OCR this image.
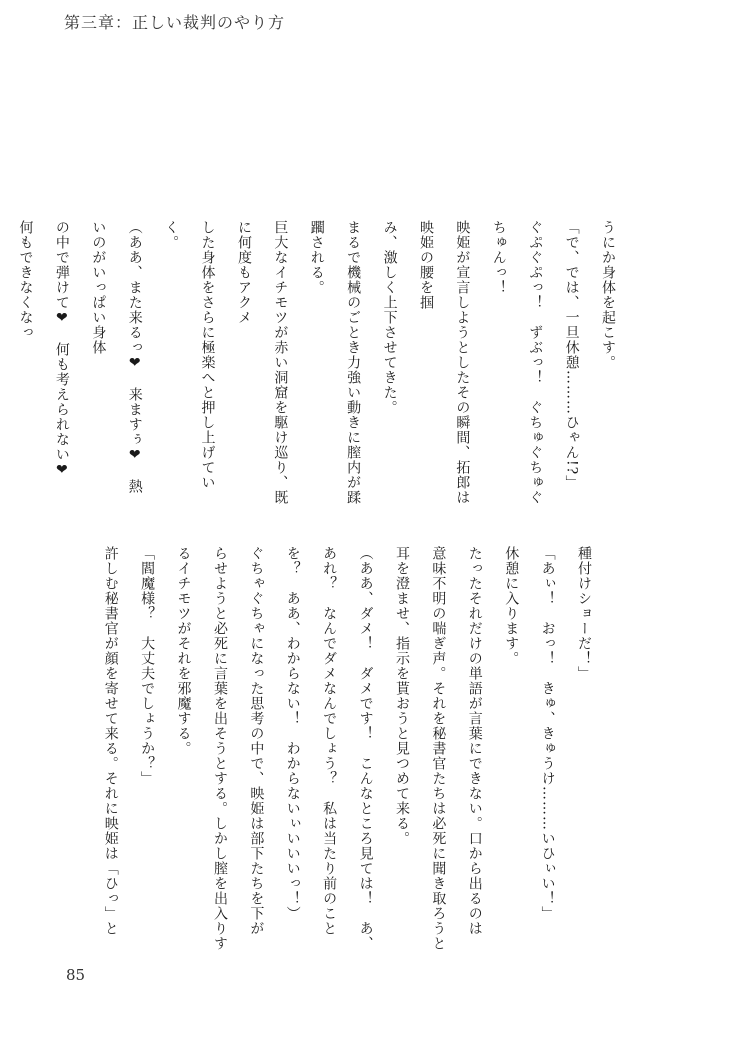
第三章：正しい裁判のやり方

うにか身体を起こす。

「で、では、一旦休憩………ひゃん!?」

ぐぷぐぷっ！　ずぶっ！　ぐちゅぐちゅぐちゅんっ！

映姫が宣言しようとしたその瞬間、拓郎は映姫の腰を掴

み、激しく上下させてきた。

まるで機械のごとき力強い動きに膣内が蹂躙される。

巨大なイチモツが赤い洞窟を駆け巡り、既に何度もアクメ

した身体をさらに極楽へと押し上げていく。

（ああ、また来るっ❤　来ますぅ❤　熱いのがいっぱい身体

の中で弾けて❤　何も考えられない❤　何もできなくなっ

種付けショーだ！」

「あぃ！　おっ！　きゅ、きゅうけ………いひぃい！」

休憩に入ります。

たったそれだけの単語が言葉にできない。口から出るのは

意味不明の喘ぎ声。それを秘書官たちは必死に聞き取ろうと

耳を澄ませ、指示を貰おうと見つめて来る。

（ああ、ダメ！　ダメです！　こんなところ見ては！　あ、

あれ？　なんでダメなんでしょう？　私は当たり前のこと

を？　ああ、わからない！　わからないぃいいいっ！）

ぐちゃぐちゃになった思考の中で、映姫は部下たちを下が

らせようと必死に言葉を出そうとする。しかし膣を出入りす

るイチモツがそれを邪魔する。

「閻魔様？　大丈夫でしょうか？」

許しむ秘書官が顔を寄せて来る。それに映姫は「ひっ」と

85
